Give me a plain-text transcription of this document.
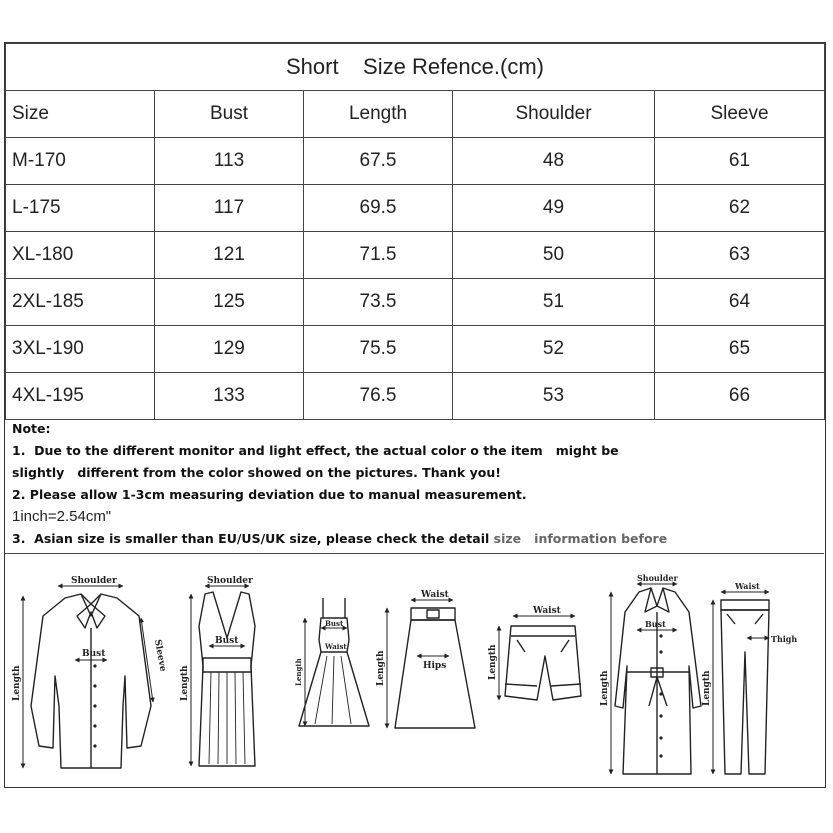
Short    Size Refence.(cm)				
Size	Bust	Length	Shoulder	Sleeve
M-170	113	67.5	48	61
L-175	117	69.5	49	62
XL-180	121	71.5	50	63
2XL-185	125	73.5	51	64
3XL-190	129	75.5	52	65
4XL-195	133	76.5	53	66
Note:
1.  Due to the different monitor and light effect, the actual color o the item   might be
slightly   different from the color showed on the pictures. Thank you!
2. Please allow 1-3cm measuring deviation due to manual measurement.
1inch=2.54cm"
3.  Asian size is smaller than EU/US/UK size, please check the detail size   information before
Shoulder
Bust	Sleeve
Length
Shoulder
Bust
Length
Bust
Waist
Length
Waist
Hips
Length
Waist
Length
Shoulder
Bust
Length
Waist
Thigh
Length
